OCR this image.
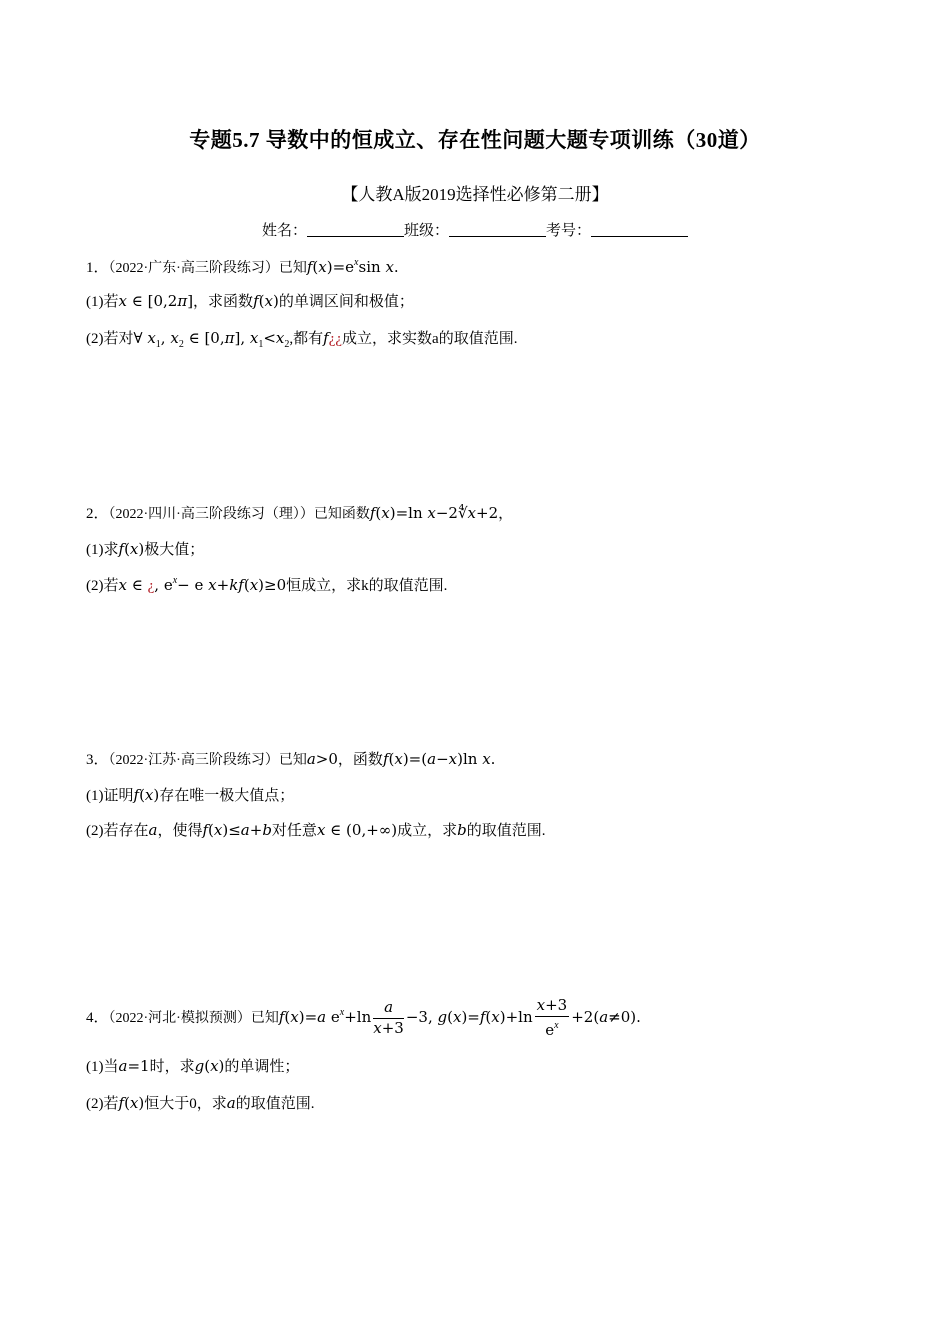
专题5.7 导数中的恒成立、存在性问题大题专项训练（30道）
【人教A版2019选择性必修第二册】
姓名：	班级：	考号：
1．（2022·广东·高三阶段练习）已知$f(x)=e^x\sin$ x.
(1)若x ∈ [0,2π]，求函数f(x)的单调区间和极值；
(2)若对∀ $x_1$, $x_2$ ∈ [0,π], $x_1<x_2$,都有f¿¿成立，求实数a的取值范围.
2．（2022·四川·高三阶段练习（理））已知函数f(x)=ln x−2∜x+2，
(1)求f(x)极大值；
(2)若x ∈ ¿, $e^x- e$ x+kf(x)≥0恒成立，求k的取值范围.
3．（2022·江苏·高三阶段练习）已知a>0，函数f(x)=(a−x)ln x.
(1)证明f(x)存在唯一极大值点；
(2)若存在a，使得f(x)≤a+b对任意x ∈ (0,+∞)成立，求b的取值范围.
4．（2022·河北·模拟预测）已知f(x)=a $e^x+\ln \frac{a}{x+3} -3$, $g(x)=f(x)+\ln \frac{x+3}{e^x} +2(a\ne 0)$.
(1)当a=1时，求g(x)的单调性；
(2)若f(x)恒大于0，求a的取值范围.
